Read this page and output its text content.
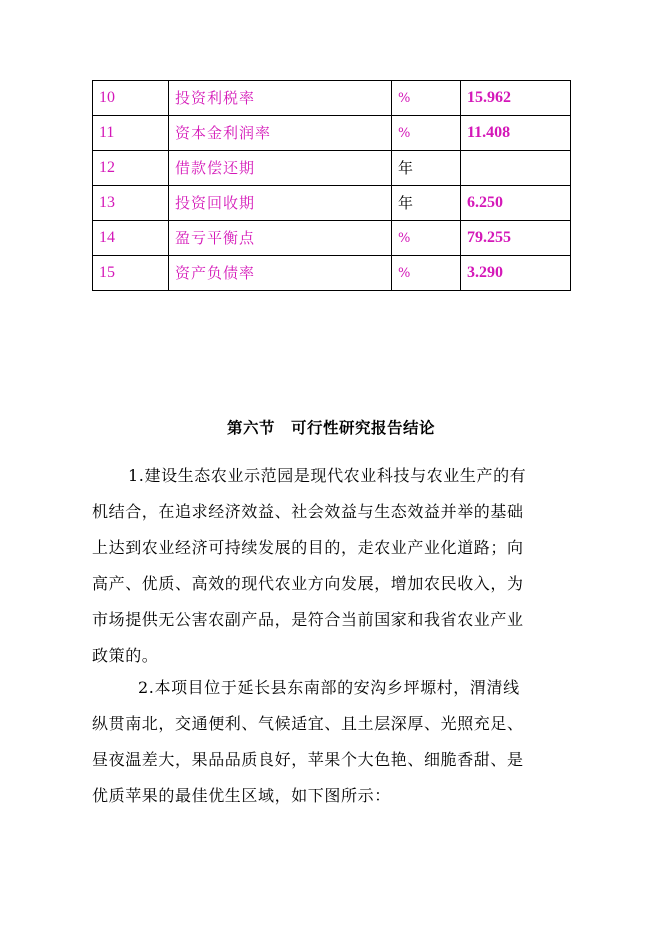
10	投资利税率	%	15.962
11	资本金利润率	%	11.408
12	借款偿还期	年	
13	投资回收期	年	6.250
14	盈亏平衡点	%	79.255
15	资产负债率	%	3.290
第六节　可行性研究报告结论

1.建设生态农业示范园是现代农业科技与农业生产的有
机结合，在追求经济效益、社会效益与生态效益并举的基础
上达到农业经济可持续发展的目的，走农业产业化道路；向
高产、优质、高效的现代农业方向发展，增加农民收入，为
市场提供无公害农副产品，是符合当前国家和我省农业产业
政策的。

2.本项目位于延长县东南部的安沟乡坪塬村，渭清线
纵贯南北，交通便利、气候适宜、且土层深厚、光照充足、
昼夜温差大，果品品质良好，苹果个大色艳、细脆香甜、是
优质苹果的最佳优生区域，如下图所示：
